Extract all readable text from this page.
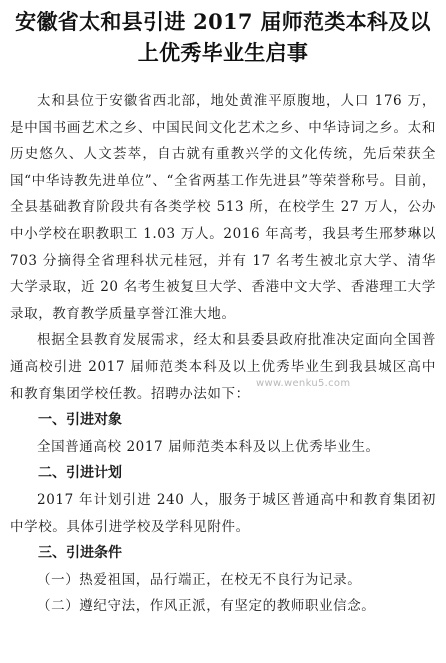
安徽省太和县引进 2017 届师范类本科及以上优秀毕业生启事

太和县位于安徽省西北部，地处黄淮平原腹地，人口 176 万，是中国书画艺术之乡、中国民间文化艺术之乡、中华诗词之乡。太和历史悠久、人文荟萃，自古就有重教兴学的文化传统，先后荣获全国“中华诗教先进单位”、“全省两基工作先进县”等荣誉称号。目前，全县基础教育阶段共有各类学校 513 所，在校学生 27 万人，公办中小学校在职教职工 1.03 万人。2016 年高考，我县考生邢梦琳以 703 分摘得全省理科状元桂冠，并有 17 名考生被北京大学、清华大学录取，近 20 名考生被复旦大学、香港中文大学、香港理工大学录取，教育教学质量享誉江淮大地。

根据全县教育发展需求，经太和县委县政府批准决定面向全国普通高校引进 2017 届师范类本科及以上优秀毕业生到我县城区高中和教育集团学校任教。招聘办法如下：

一、引进对象

全国普通高校 2017 届师范类本科及以上优秀毕业生。

二、引进计划

2017 年计划引进 240 人，服务于城区普通高中和教育集团初中学校。具体引进学校及学科见附件。

三、引进条件

（一）热爱祖国，品行端正，在校无不良行为记录。

（二）遵纪守法，作风正派，有坚定的教师职业信念。

www.wenku5.com
